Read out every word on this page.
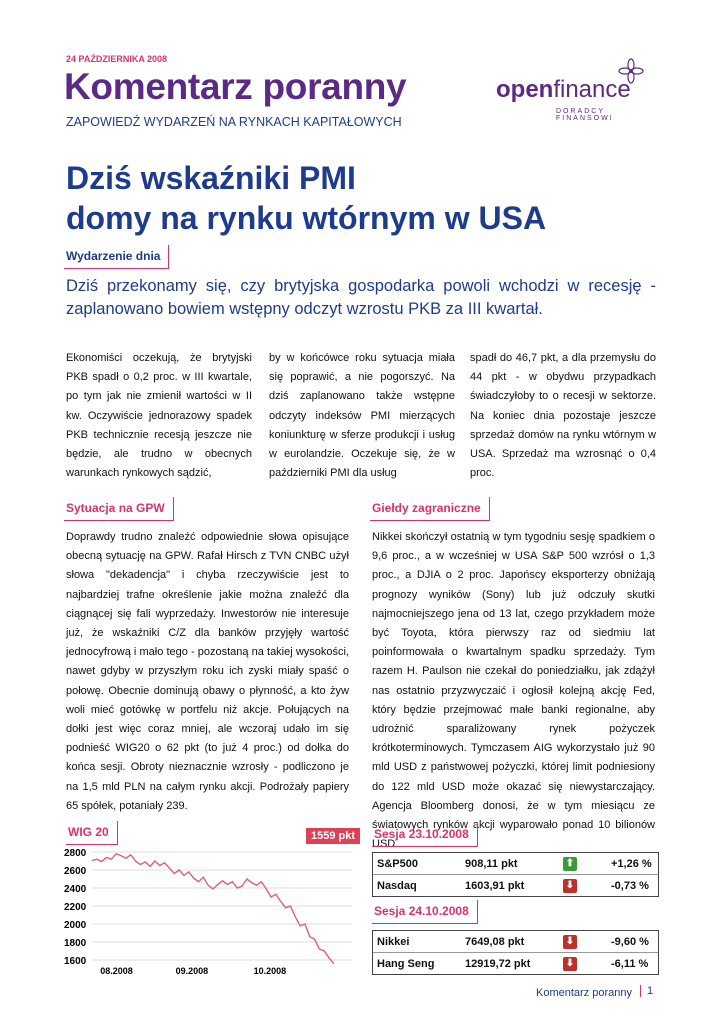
24 PAŹDZIERNIKA 2008
Komentarz poranny
ZAPOWIEDŹ WYDARZEŃ NA RYNKACH KAPITAŁOWYCH
openfinance
DORADCY FINANSOWI
Dziś wskaźniki PMI
domy na rynku wtórnym w USA
Wydarzenie dnia
Dziś przekonamy się, czy brytyjska gospodarka powoli wchodzi w recesję - zaplanowano bowiem wstępny odczyt wzrostu PKB za III kwartał.
Ekonomiści oczekują, że brytyjski PKB spadł o 0,2 proc. w III kwartale, po tym jak nie zmienił wartości w II kw. Oczywiście jednorazowy spadek PKB technicznie recesją jeszcze nie będzie, ale trudno w obecnych warunkach rynkowych sądzić,
by w końcówce roku sytuacja miała się poprawić, a nie pogorszyć. Na dziś zaplanowano także wstępne odczyty indeksów PMI mierzących koniunkturę w sferze produkcji i usług w eurolandzie. Oczekuje się, że w październiki PMI dla usług
spadł do 46,7 pkt, a dla przemysłu do 44 pkt - w obydwu przypadkach świadczyłoby to o recesji w sektorze. Na koniec dnia pozostaje jeszcze sprzedaż domów na rynku wtórnym w USA. Sprzedaż ma wzrosnąć o 0,4 proc.
Sytuacja na GPW
Doprawdy trudno znaleźć odpowiednie słowa opisujące obecną sytuację na GPW. Rafał Hirsch z TVN CNBC użył słowa "dekadencja" i chyba rzeczywiście jest to najbardziej trafne określenie jakie można znaleźć dla ciągnącej się fali wyprzedaży. Inwestorów nie interesuje już, że wskaźniki C/Z dla banków przyjęły wartość jednocyfrową i mało tego - pozostaną na takiej wysokości, nawet gdyby w przyszłym roku ich zyski miały spaść o połowę. Obecnie dominują obawy o płynność, a kto żyw woli mieć gotówkę w portfelu niż akcje. Połujących na dołki jest więc coraz mniej, ale wczoraj udało im się podnieść WIG20 o 62 pkt (to już 4 proc.) od dołka do końca sesji. Obroty nieznacznie wzrosły - podliczono je na 1,5 mld PLN na całym rynku akcji. Podrożały papiery 65 spółek, potaniały 239.
Giełdy zagraniczne
Nikkei skończył ostatnią w tym tygodniu sesję spadkiem o 9,6 proc., a w wcześniej w USA S&P 500 wzrósł o 1,3 proc., a DJIA o 2 proc. Japońscy eksporterzy obniżają prognozy wyników (Sony) lub już odczuły skutki najmocniejszego jena od 13 lat, czego przykładem może być Toyota, która pierwszy raz od siedmiu lat poinformowała o kwartalnym spadku sprzedaży. Tym razem H. Paulson nie czekał do poniedziałku, jak zdążył nas ostatnio przyzwyczaić i ogłosił kolejną akcję Fed, który będzie przejmować małe banki regionalne, aby udrożnić sparaliżowany rynek pożyczek krótkoterminowych. Tymczasem AIG wykorzystało już 90 mld USD z państwowej pożyczki, której limit podniesiony do 122 mld USD może okazać się niewystarczający. Agencja Bloomberg donosi, że w tym miesiącu ze światowych rynków akcji wyparowało ponad 10 bilionów USD.
WIG 20	1559 pkt
2800
2600
2400
2200
2000
1800
1600
08.2008	09.2008	10.2008
Sesja 23.10.2008
S&P500	908,11 pkt	⬆	+1,26 %
Nasdaq	1603,91 pkt	⬇	-0,73 %
Sesja 24.10.2008
Nikkei	7649,08 pkt	⬇	-9,60 %
Hang Seng	12919,72 pkt	⬇	-6,11 %
Komentarz poranny	1
